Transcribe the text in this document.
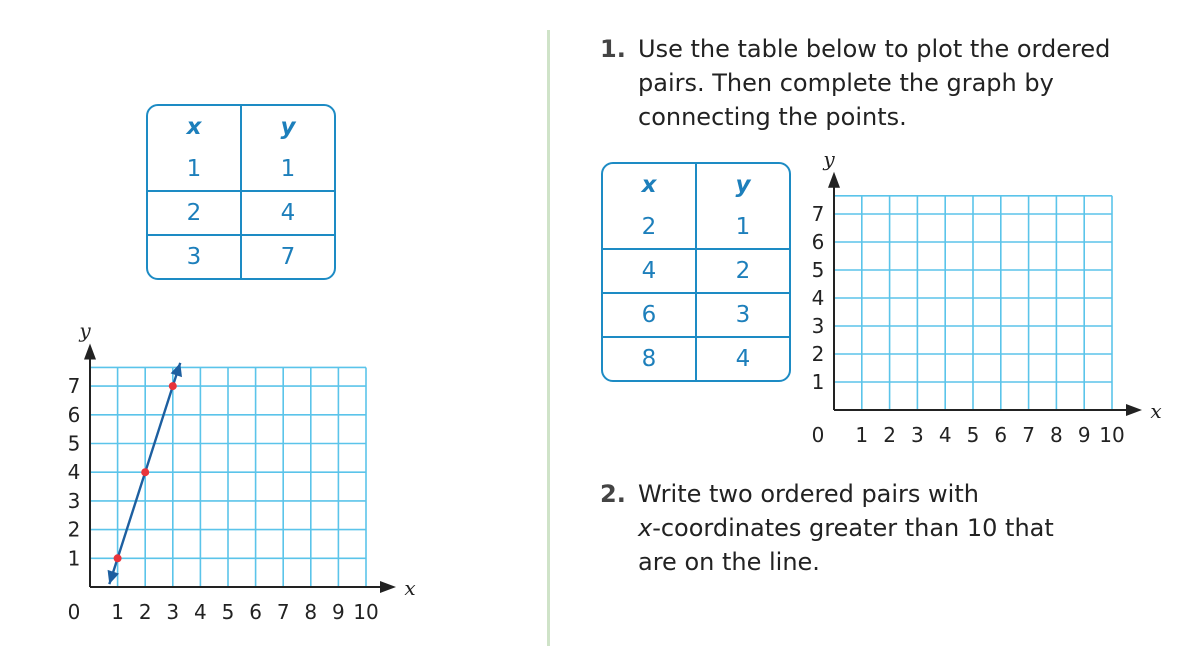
x	y
1	1
2	4
3	7
x	y
2	1
4	2
6	3
8	4
1. Use the table below to plot the ordered pairs. Then complete the graph by connecting the points.
2. Write two ordered pairs with
x-coordinates greater than 10 that are on the line.
y
x
0 1 2 3 4 5 6 7 8 9 10
1
2
3
4
5
6
7
y
x
0 1 2 3 4 5 6 7 8 9 10
1
2
3
4
5
6
7
